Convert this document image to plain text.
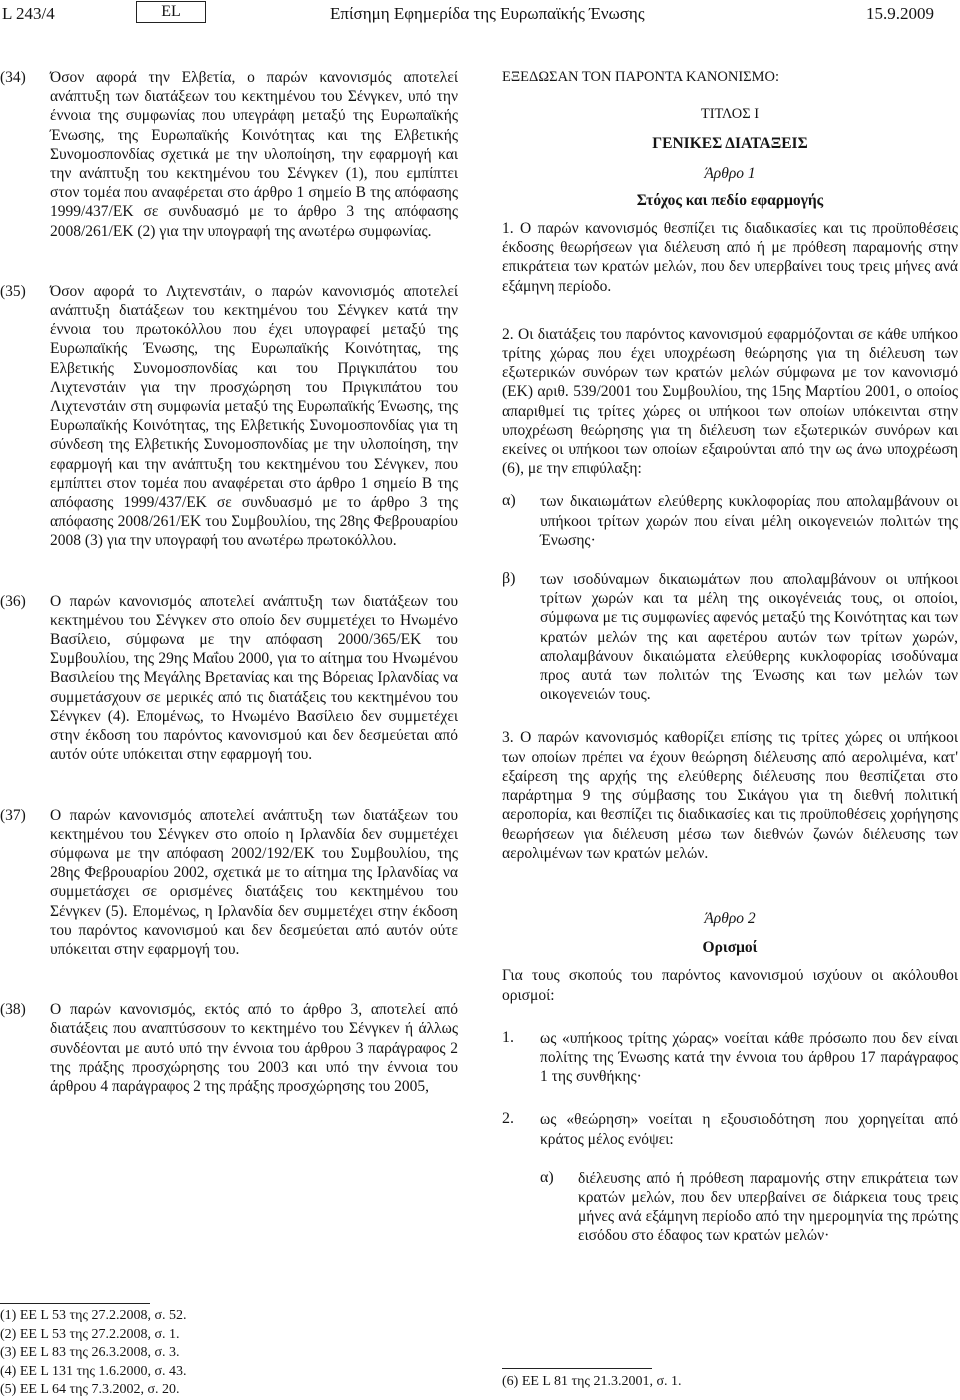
L 243/4	EL	Επίσημη Εφημερίδα της Ευρωπαϊκής Ένωσης	15.9.2009
(34) Όσον αφορά την Ελβετία, ο παρών κανονισμός αποτελεί ανάπτυξη των διατάξεων του κεκτημένου του Σένγκεν, υπό την έννοια της συμφωνίας που υπεγράφη μεταξύ της Ευρωπαϊκής Ένωσης, της Ευρωπαϊκής Κοινότητας και της Ελβετικής Συνομοσπονδίας σχετικά με την υλοποίηση, την εφαρμογή και την ανάπτυξη του κεκτημένου του Σένγκεν (1), που εμπίπτει στον τομέα που αναφέρεται στο άρθρο 1 σημείο Β της απόφασης 1999/437/ΕΚ σε συνδυασμό με το άρθρο 3 της απόφασης 2008/261/ΕΚ (2) για την υπογραφή της ανωτέρω συμφωνίας.

(35) Όσον αφορά το Λιχτενστάιν, ο παρών κανονισμός αποτελεί ανάπτυξη διατάξεων του κεκτημένου του Σένγκεν κατά την έννοια του πρωτοκόλλου που έχει υπογραφεί μεταξύ της Ευρωπαϊκής Ένωσης, της Ευρωπαϊκής Κοινότητας, της Ελβετικής Συνομοσπονδίας και του Πριγκιπάτου του Λιχτενστάιν για την προσχώρηση του Πριγκιπάτου του Λιχτενστάιν στη συμφωνία μεταξύ της Ευρωπαϊκής Ένωσης, της Ευρωπαϊκής Κοινότητας, της Ελβετικής Συνομοσπονδίας για τη σύνδεση της Ελβετικής Συνομοσπονδίας με την υλοποίηση, την εφαρμογή και την ανάπτυξη του κεκτημένου του Σένγκεν, που εμπίπτει στον τομέα που αναφέρεται στο άρθρο 1 σημείο Β της απόφασης 1999/437/ΕΚ σε συνδυασμό με το άρθρο 3 της απόφασης 2008/261/ΕΚ του Συμβουλίου, της 28ης Φεβρουαρίου 2008 (3) για την υπογραφή του ανωτέρω πρωτοκόλλου.

(36) Ο παρών κανονισμός αποτελεί ανάπτυξη των διατάξεων του κεκτημένου του Σένγκεν στο οποίο δεν συμμετέχει το Ηνωμένο Βασίλειο, σύμφωνα με την απόφαση 2000/365/ΕΚ του Συμβουλίου, της 29ης Μαΐου 2000, για το αίτημα του Ηνωμένου Βασιλείου της Μεγάλης Βρετανίας και της Βόρειας Ιρλανδίας να συμμετάσχουν σε μερικές από τις διατάξεις του κεκτημένου του Σένγκεν (4). Επομένως, το Ηνωμένο Βασίλειο δεν συμμετέχει στην έκδοση του παρόντος κανονισμού και δεν δεσμεύεται από αυτόν ούτε υπόκειται στην εφαρμογή του.

(37) Ο παρών κανονισμός αποτελεί ανάπτυξη των διατάξεων του κεκτημένου του Σένγκεν στο οποίο η Ιρλανδία δεν συμμετέχει σύμφωνα με την απόφαση 2002/192/ΕΚ του Συμβουλίου, της 28ης Φεβρουαρίου 2002, σχετικά με το αίτημα της Ιρλανδίας να συμμετάσχει σε ορισμένες διατάξεις του κεκτημένου του Σένγκεν (5). Επομένως, η Ιρλανδία δεν συμμετέχει στην έκδοση του παρόντος κανονισμού και δεν δεσμεύεται από αυτόν ούτε υπόκειται στην εφαρμογή του.

(38) Ο παρών κανονισμός, εκτός από το άρθρο 3, αποτελεί από διατάξεις που αναπτύσσουν το κεκτημένο του Σένγκεν ή άλλως συνδέονται με αυτό υπό την έννοια του άρθρου 3 παράγραφος 2 της πράξης προσχώρησης του 2003 και υπό την έννοια του άρθρου 4 παράγραφος 2 της πράξης προσχώρησης του 2005,

(1) ΕΕ L 53 της 27.2.2008, σ. 52.

(2) ΕΕ L 53 της 27.2.2008, σ. 1.

(3) ΕΕ L 83 της 26.3.2008, σ. 3.

(4) ΕΕ L 131 της 1.6.2000, σ. 43.

(5) ΕΕ L 64 της 7.3.2002, σ. 20.

ΕΞΕΔΩΣΑΝ ΤΟΝ ΠΑΡΟΝΤΑ ΚΑΝΟΝΙΣΜΟ:

ΤΙΤΛΟΣ I

ΓΕΝΙΚΕΣ ΔΙΑΤΑΞΕΙΣ

Άρθρο 1

Στόχος και πεδίο εφαρμογής

1. Ο παρών κανονισμός θεσπίζει τις διαδικασίες και τις προϋποθέσεις έκδοσης θεωρήσεων για διέλευση από ή με πρόθεση παραμονής στην επικράτεια των κρατών μελών, που δεν υπερβαίνει τους τρεις μήνες ανά εξάμηνη περίοδο.

2. Οι διατάξεις του παρόντος κανονισμού εφαρμόζονται σε κάθε υπήκοο τρίτης χώρας που έχει υποχρέωση θεώρησης για τη διέλευση των εξωτερικών συνόρων των κρατών μελών σύμφωνα με τον κανονισμό (ΕΚ) αριθ. 539/2001 του Συμβουλίου, της 15ης Μαρτίου 2001, ο οποίος απαριθμεί τις τρίτες χώρες οι υπήκοοι των οποίων υπόκεινται στην υποχρέωση θεώρησης για τη διέλευση των εξωτερικών συνόρων και εκείνες οι υπήκοοι των οποίων εξαιρούνται από την ως άνω υποχρέωση (6), με την επιφύλαξη:

α) των δικαιωμάτων ελεύθερης κυκλοφορίας που απολαμβάνουν οι υπήκοοι τρίτων χωρών που είναι μέλη οικογενειών πολιτών της Ένωσης·

β) των ισοδύναμων δικαιωμάτων που απολαμβάνουν οι υπήκοοι τρίτων χωρών και τα μέλη της οικογένειάς τους, οι οποίοι, σύμφωνα με τις συμφωνίες αφενός μεταξύ της Κοινότητας και των κρατών μελών της και αφετέρου αυτών των τρίτων χωρών, απολαμβάνουν δικαιώματα ελεύθερης κυκλοφορίας ισοδύναμα προς αυτά των πολιτών της Ένωσης και των μελών των οικογενειών τους.

3. Ο παρών κανονισμός καθορίζει επίσης τις τρίτες χώρες οι υπήκοοι των οποίων πρέπει να έχουν θεώρηση διέλευσης από αερολιμένα, κατ' εξαίρεση της αρχής της ελεύθερης διέλευσης που θεσπίζεται στο παράρτημα 9 της σύμβασης του Σικάγου για τη διεθνή πολιτική αεροπορία, και θεσπίζει τις διαδικασίες και τις προϋποθέσεις χορήγησης θεωρήσεων για διέλευση μέσω των διεθνών ζωνών διέλευσης των αερολιμένων των κρατών μελών.

Άρθρο 2

Ορισμοί

Για τους σκοπούς του παρόντος κανονισμού ισχύουν οι ακόλουθοι ορισμοί:

1. ως «υπήκοος τρίτης χώρας» νοείται κάθε πρόσωπο που δεν είναι πολίτης της Ένωσης κατά την έννοια του άρθρου 17 παράγραφος 1 της συνθήκης·

2. ως «θεώρηση» νοείται η εξουσιοδότηση που χορηγείται από κράτος μέλος ενόψει:

α) διέλευσης από ή πρόθεση παραμονής στην επικράτεια των κρατών μελών, που δεν υπερβαίνει σε διάρκεια τους τρεις μήνες ανά εξάμηνη περίοδο από την ημερομηνία της πρώτης εισόδου στο έδαφος των κρατών μελών·

(6) ΕΕ L 81 της 21.3.2001, σ. 1.
